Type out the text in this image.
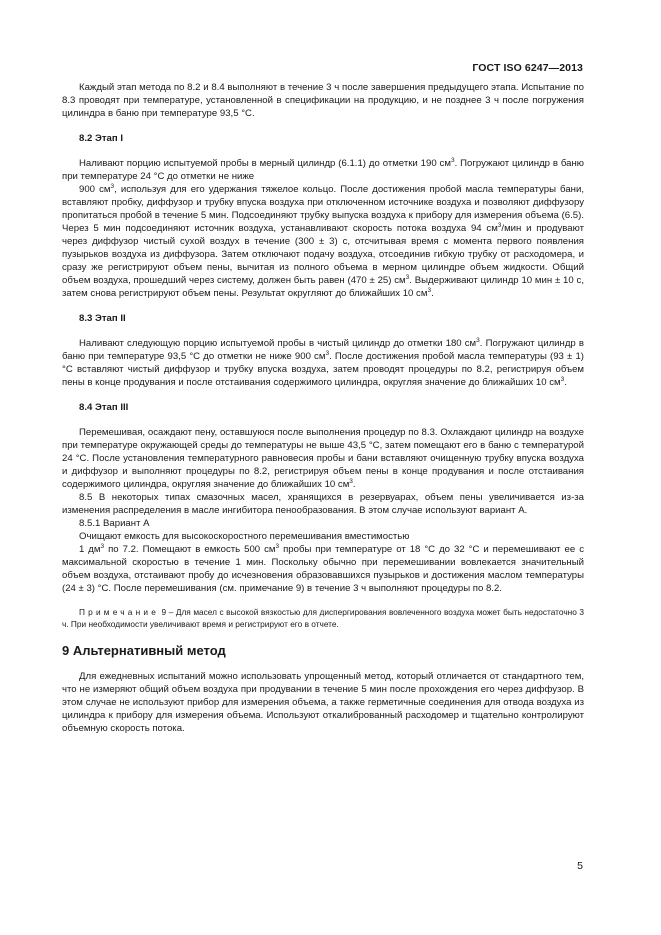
ГОСТ ISO 6247—2013

Каждый этап метода по 8.2 и 8.4 выполняют в течение 3 ч после завершения предыдущего этапа. Испытание по 8.3 проводят при температуре, установленной в спецификации на продукцию, и не позднее 3 ч после погружения цилиндра в баню при температуре 93,5 °С.

8.2 Этап I

Наливают порцию испытуемой пробы в мерный цилиндр (6.1.1) до отметки 190 $см^3$. Погружают цилиндр в баню при температуре 24 °С до отметки не ниже

900 $см^3$, используя для его удержания тяжелое кольцо. После достижения пробой масла температуры бани, вставляют пробку, диффузор и трубку впуска воздуха при отключенном источнике воздуха и позволяют диффузору пропитаться пробой в течение 5 мин. Подсоединяют трубку выпуска воздуха к прибору для измерения объема (6.5). Через 5 мин подсоединяют источник воздуха, устанавливают скорость потока воздуха 94 $см^3$/мин и продувают через диффузор чистый сухой воздух в течение (300 ± 3) с, отсчитывая время с момента первого появления пузырьков воздуха из диффузора. Затем отключают подачу воздуха, отсоединив гибкую трубку от расходомера, и сразу же регистрируют объем пены, вычитая из полного объема в мерном цилиндре объем жидкости. Общий объем воздуха, прошедший через систему, должен быть равен (470 ± 25) $см^3$. Выдерживают цилиндр 10 мин ± 10 с, затем снова регистрируют объем пены. Результат округляют до ближайших 10 $см^3$.

8.3 Этап II

Наливают следующую порцию испытуемой пробы в чистый цилиндр до отметки 180 $см^3$. Погружают цилиндр в баню при температуре 93,5 °С до отметки не ниже 900 $см^3$. После достижения пробой масла температуры (93 ± 1) °С вставляют чистый диффузор и трубку впуска воздуха, затем проводят процедуры по 8.2, регистрируя объем пены в конце продувания и после отстаивания содержимого цилиндра, округляя значение до ближайших 10 $см^3$.

8.4 Этап III

Перемешивая, осаждают пену, оставшуюся после выполнения процедур по 8.3. Охлаждают цилиндр на воздухе при температуре окружающей среды до температуры не выше 43,5 °С, затем помещают его в баню с температурой 24 °С. После установления температурного равновесия пробы и бани вставляют очищенную трубку впуска воздуха и диффузор и выполняют процедуры по 8.2, регистрируя объем пены в конце продувания и после отстаивания содержимого цилиндра, округляя значение до ближайших 10 $см^3$.

8.5 В некоторых типах смазочных масел, хранящихся в резервуарах, объем пены увеличивается из-за изменения распределения в масле ингибитора пенообразования. В этом случае используют вариант А.

8.5.1 Вариант А

Очищают емкость для высокоскоростного перемешивания вместимостью

1 $дм^3$ по 7.2. Помещают в емкость 500 $см^3$ пробы при температуре от 18 °С до 32 °С и перемешивают ее с максимальной скоростью в течение 1 мин. Поскольку обычно при перемешивании вовлекается значительный объем воздуха, отстаивают пробу до исчезновения образовавшихся пузырьков и достижения маслом температуры (24 ± 3) °С. После перемешивания (см. примечание 9) в течение 3 ч выполняют процедуры по 8.2.

Примечание 9 – Для масел с высокой вязкостью для диспергирования вовлеченного воздуха может быть недостаточно 3 ч. При необходимости увеличивают время и регистрируют его в отчете.

9 Альтернативный метод

Для ежедневных испытаний можно использовать упрощенный метод, который отличается от стандартного тем, что не измеряют общий объем воздуха при продувании в течение 5 мин после прохождения его через диффузор. В этом случае не используют прибор для измерения объема, а также герметичные соединения для отвода воздуха из цилиндра к прибору для измерения объема. Используют откалиброванный расходомер и тщательно контролируют объемную скорость потока.

5
